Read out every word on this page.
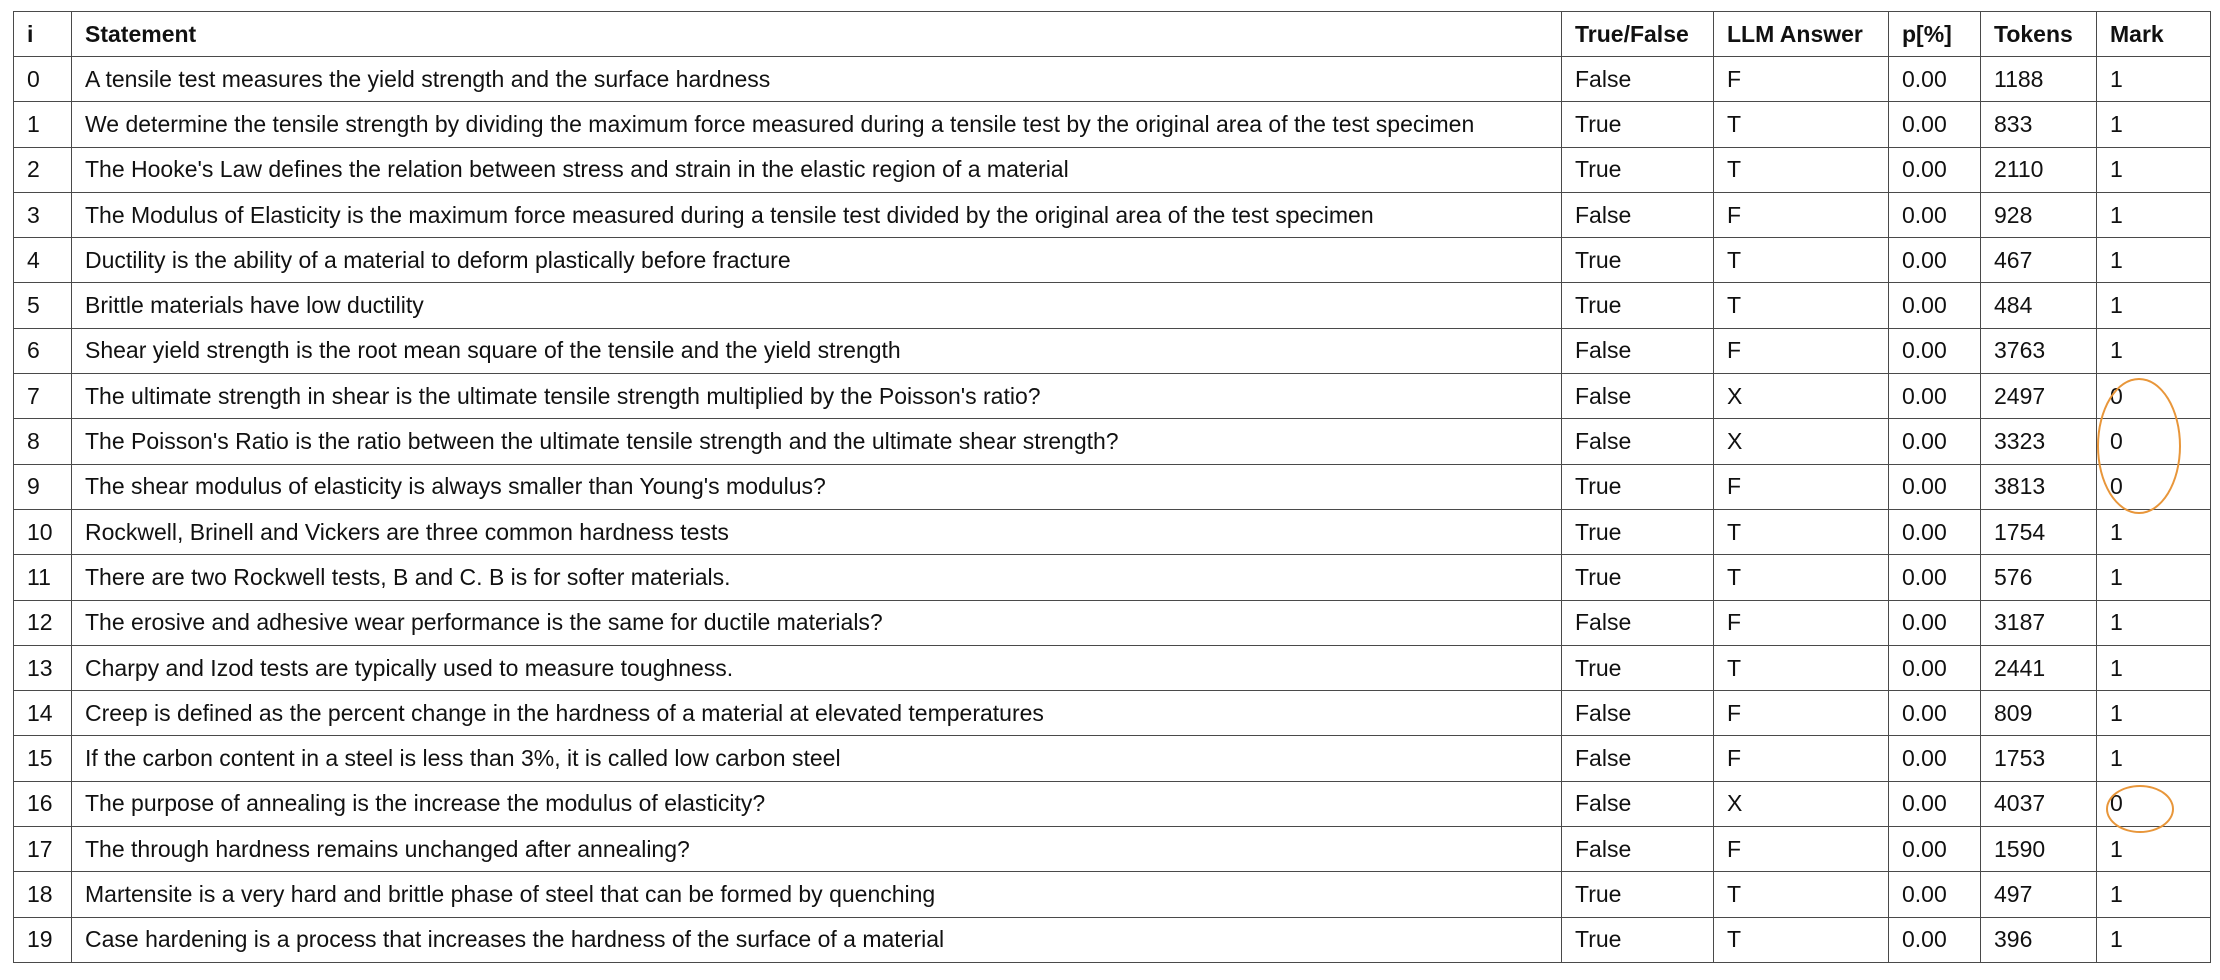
i	Statement	True/False	LLM Answer	p[%]	Tokens	Mark
0	A tensile test measures the yield strength and the surface hardness	False	F	0.00	1188	1
1	We determine the tensile strength by dividing the maximum force measured during a tensile test by the original area of the test specimen	True	T	0.00	833	1
2	The Hooke's Law defines the relation between stress and strain in the elastic region of a material	True	T	0.00	2110	1
3	The Modulus of Elasticity is the maximum force measured during a tensile test divided by the original area of the test specimen	False	F	0.00	928	1
4	Ductility is the ability of a material to deform plastically before fracture	True	T	0.00	467	1
5	Brittle materials have low ductility	True	T	0.00	484	1
6	Shear yield strength is the root mean square of the tensile and the yield strength	False	F	0.00	3763	1
7	The ultimate strength in shear is the ultimate tensile strength multiplied by the Poisson's ratio?	False	X	0.00	2497	0
8	The Poisson's Ratio is the ratio between the ultimate tensile strength and the ultimate shear strength?	False	X	0.00	3323	0
9	The shear modulus of elasticity is always smaller than Young's modulus?	True	F	0.00	3813	0
10	Rockwell, Brinell and Vickers are three common hardness tests	True	T	0.00	1754	1
11	There are two Rockwell tests, B and C. B is for softer materials.	True	T	0.00	576	1
12	The erosive and adhesive wear performance is the same for ductile materials?	False	F	0.00	3187	1
13	Charpy and Izod tests are typically used to measure toughness.	True	T	0.00	2441	1
14	Creep is defined as the percent change in the hardness of a material at elevated temperatures	False	F	0.00	809	1
15	If the carbon content in a steel is less than 3%, it is called low carbon steel	False	F	0.00	1753	1
16	The purpose of annealing is the increase the modulus of elasticity?	False	X	0.00	4037	0
17	The through hardness remains unchanged after annealing?	False	F	0.00	1590	1
18	Martensite is a very hard and brittle phase of steel that can be formed by quenching	True	T	0.00	497	1
19	Case hardening is a process that increases the hardness of the surface of a material	True	T	0.00	396	1
